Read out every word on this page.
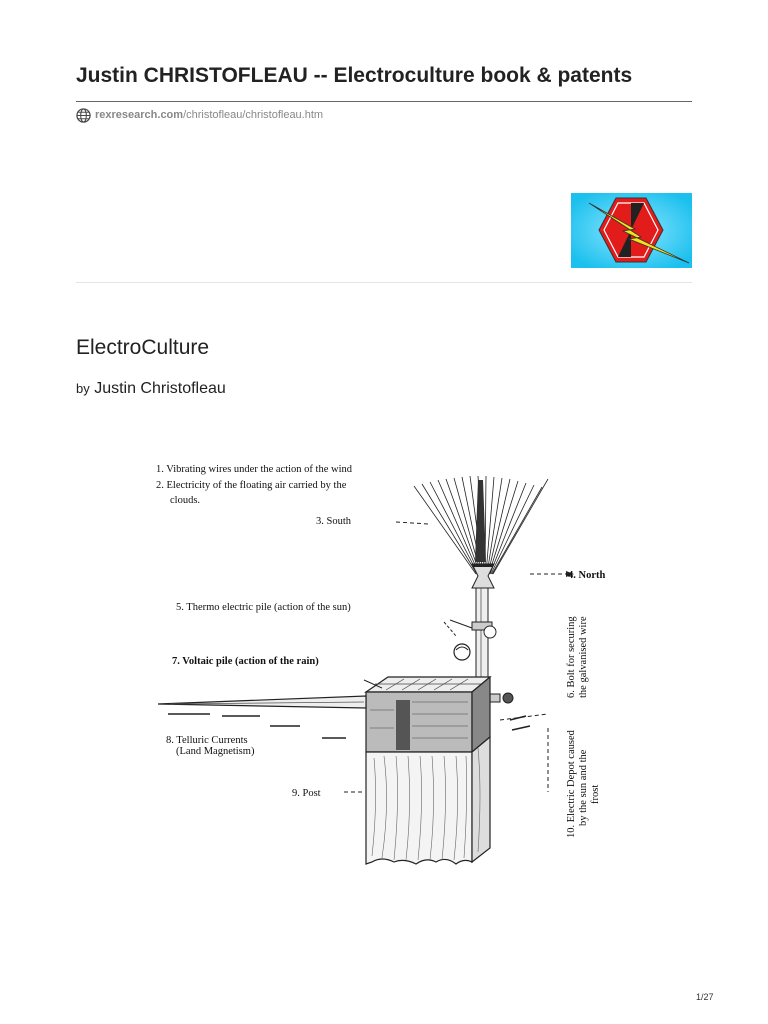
Justin CHRISTOFLEAU -- Electroculture book & patents
rexresearch.com /christofleau/christofleau.htm
ElectroCulture
by Justin Christofleau
1. Vibrating wires under the action of the wind
2. Electricity of the floating air carried by the
clouds.
3. South
4. North
5. Thermo electric pile (action of the sun)
7. Voltaic pile (action of the rain)
8. Telluric Currents
(Land Magnetism)
9. Post
6. Bolt for securing the galvanised wire
10. Electric Depot caused by the sun and the frost
1/27
